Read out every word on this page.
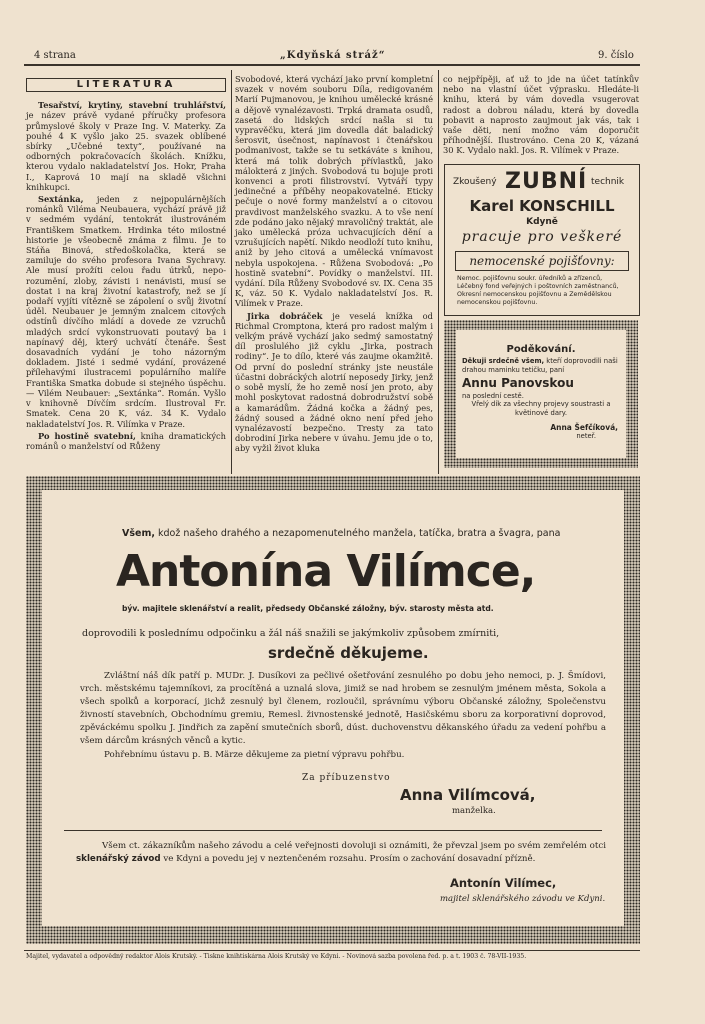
4 strana	„Kdyňská stráž“	9. číslo
LITERATURA

Tesařství, krytiny, stavební truhlářství, je název právě vydané příručky profesora průmyslové školy v Praze Ing. V. Materky. Za pouhé 4 K vyšlo jako 25. svazek oblíbené sbírky „Učebné texty“, používané na odborných pokračovacích školách. Knížku, kterou vydalo nakladatelství Jos. Hokr, Praha I., Kaprová 10 mají na skladě všichni knihkupci.

Sextánka, jeden z nejpopulárnějších románků Viléma Neubauera, vychází právě již v sedmém vydání, tentokrát ilustrováném Františkem Smatkem. Hrdinka této milostné historie je všeobecně známa z filmu. Je to Stáňa Binová, středoškolačka, která se zamiluje do svého profesora Ivana Sychravy. Ale musí prožíti celou řadu útrků, nepo-rozumění, zloby, závisti i nenávisti, musí se dostat i na kraj životní katastrofy, než se jí podaří vyjíti vítězně se zápolení o svůj životní úděl. Neubauer je jemným znalcem citových odstínů dívčího mládí a dovede ze vzruchů mladých srdcí vykonstruovati poutavý ba i napínavý děj, který uchvátí čtenáře. Šest dosavadních vydání je toho názorným dokladem. Jisté i sedmé vydání, provázené přílehavými ilustracemi populárního malíře Františka Smatka dobude si stejného úspěchu. — Vilém Neubauer: „Sextánka“. Román. Vyšlo v knihovně Dívčím srdcím. Ilustroval Fr. Smatek. Cena 20 K, váz. 34 K. Vydalo nakladatelství Jos. R. Vilímka v Praze.

Po hostině svatební, kniha dramatických románů o manželství od Růženy

Svobodové, která vychází jako první kompletní svazek v novém souboru Díla, redigovaném Marií Pujmanovou, je knihou umělecké krásné a dějově vynalézavosti. Trpká dramata osudů, zasetá do lidských srdcí našla si tu vypravěčku, která jim dovedla dát baladický šerosvit, úsečnost, napínavost i čtenářskou podmanivost, takže se tu setkáváte s knihou, která má tolik dobrých přívlastků, jako málokterá z jiných. Svobodová tu bojuje proti konvenci a proti filistrovství. Vytváří typy jedinečné a příběhy neopakovatelné. Eticky pečuje o nové formy manželství a o citovou pravdivost manželského svazku. A to vše není zde podáno jako nějaký mravoličný traktát, ale jako umělecká próza uchvacujících dění a vzrušujících napětí. Nikdo neodloží tuto knihu, aniž by jeho citová a umělecká vnímavost nebyla uspokojena. - Růžena Svobodová: „Po hostině svatební“. Povídky o manželství. III. vydání. Díla Růženy Svobodové sv. IX. Cena 35 K, váz. 50 K. Vydalo nakladatelství Jos. R. Vilímek v Praze.

Jirka dobráček je veselá knížka od Richmal Cromptona, která pro radost malým i velkým právě vychází jako sedmý samostatný díl proslulého již cyklu „Jirka, postrach rodiny“. Je to dílo, které vás zaujme okamžitě. Od první do poslední stránky jste neustále účastni dobráckých alotrií neposedy Jirky, jenž o sobě myslí, že ho země nosí jen proto, aby mohl poskytovat radostná dobrodružství sobě a kamarádům. Žádná kočka a žádný pes, žádný soused a žádné okno není před jeho vynalézavostí bezpečno. Tresty za tato dobrodiní Jirka nebere v úvahu. Jemu jde o to, aby vyžil život kluka

co nejpřípěji, ať už to jde na účet tatínkův nebo na vlastní účet výprasku. Hledáte-li knihu, která by vám dovedla vsugerovat radost a dobrou náladu, která by dovedla pobavit a naprosto zaujmout jak vás, tak i vaše děti, není možno vám doporučit příhodnější. Ilustrováno. Cena 20 K, vázaná 30 K. Vydalo nakl. Jos. R. Vilímek v Praze.

Zkoušený ZUBNÍ technik
Karel KONSCHILL
Kdyně
pracuje pro veškeré
nemocenské pojišťovny:
Nemoc. pojišťovnu soukr. úředníků a zřízenců, Léčebný fond veřejných i poštovních zaměstnanců, Okresní nemocenskou pojišťovnu a Zemědělskou nemocenskou pojišťovnu.
Poděkování.
Děkuji srdečně všem, kteří doprovodili naši drahou maminku tetičku, paní
Annu Panovskou
na poslední cestě.
Vřelý dík za všechny projevy soustrasti a květinové dary.
Anna Šefčíková,
neteř.
Všem, kdož našeho drahého a nezapomenutelného manžela, tatíčka, bratra a švagra, pana
Antonína Vilímce,
býv. majitele sklenářství a realit, předsedy Občanské záložny, býv. starosty města atd.
doprovodili k poslednímu odpočinku a žál náš snažili se jakýmkoliv způsobem zmírniti,
srdečně děkujeme.
Zvláštní náš dík patří p. MUDr. J. Dusíkovi za pečlivé ošetřování zesnulého po dobu jeho nemoci, p. J. Šmídovi, vrch. městskému tajemníkovi, za procítěná a uznalá slova, jimiž se nad hrobem se zesnulým jménem města, Sokola a všech spolků a korporací, jichž zesnulý byl členem, rozloučil, správnímu výboru Občanské záložny, Společenstvu živností stavebních, Obchodnímu gremiu, Remesl. živnostenské jednotě, Hasičskému sboru za korporativní doprovod, zpěváckému spolku J. Jindřich za zapění smutečních sborů, dúst. duchovenstvu děkanského úřadu za vedení pohřbu a všem dárcům krásných věnců a kytic.
Pohřebnímu ústavu p. B. Märze děkujeme za pietní výpravu pohřbu.
Za příbuzenstvo
Anna Vilímcová,
manželka.
Všem ct. zákazníkům našeho závodu a celé veřejnosti dovoluji si oznámiti, že převzal jsem po svém zemřelém otci sklenářský závod ve Kdyni a povedu jej v neztenčeném rozsahu. Prosím o zachování dosavadní přízně.
Antonín Vilímec,
majitel sklenářského závodu ve Kdyni.
Majitel, vydavatel a odpovědný redaktor Alois Krutský. - Tiskne knihtiskárna Alois Krutský ve Kdyni. - Novinová sazba povolena řed. p. a t. 1903 č. 78-VII-1935.
